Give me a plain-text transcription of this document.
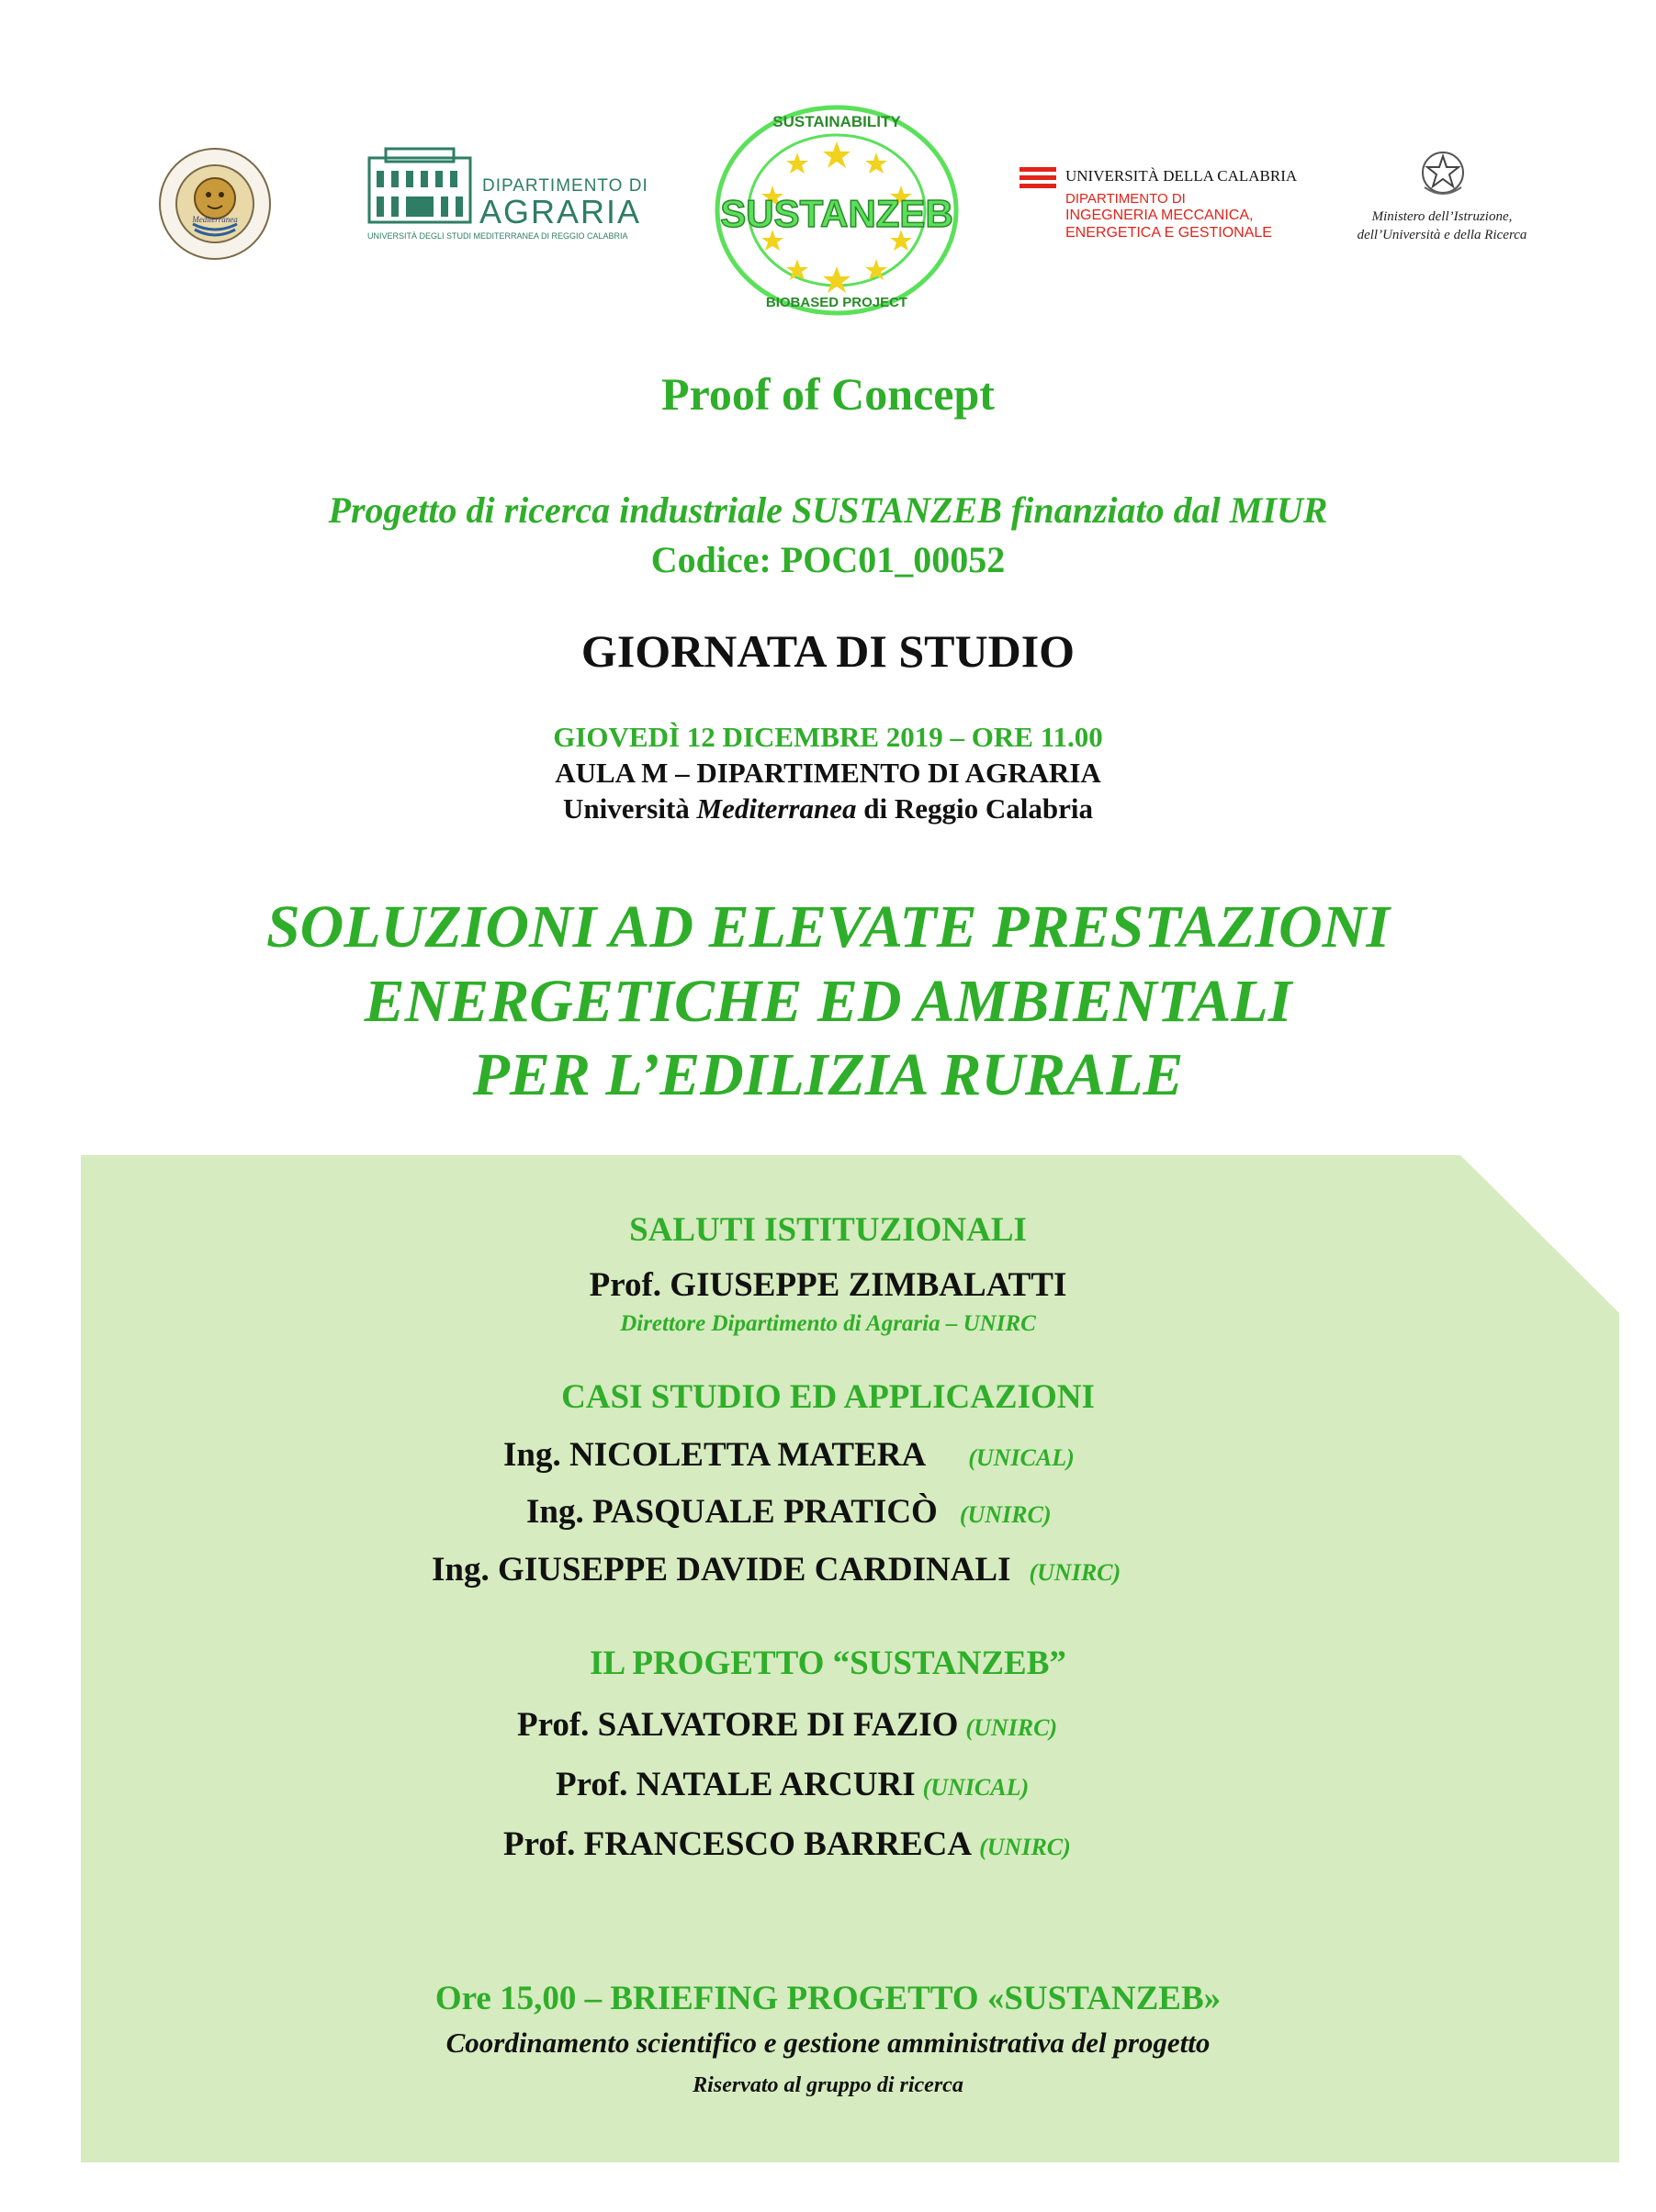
Mediterranea
DIPARTIMENTO DI
AGRARIA
UNIVERSITÀ DEGLI STUDI MEDITERRANEA DI REGGIO CALABRIA
SUSTANZEB
SUSTAINABILITY
BIOBASED PROJECT
UNIVERSITÀ DELLA CALABRIA
DIPARTIMENTO DI
INGEGNERIA MECCANICA,
ENERGETICA E GESTIONALE
Ministero dell’Istruzione,
dell’Università e della Ricerca
Proof of Concept
Progetto di ricerca industriale SUSTANZEB finanziato dal MIUR
Codice: POC01_00052
GIORNATA DI STUDIO
GIOVEDÌ 12 DICEMBRE 2019 – ORE 11.00
AULA M – DIPARTIMENTO DI AGRARIA
Università Mediterranea di Reggio Calabria
SOLUZIONI AD ELEVATE PRESTAZIONI
ENERGETICHE ED AMBIENTALI
PER L’EDILIZIA RURALE
SALUTI ISTITUZIONALI
Prof. GIUSEPPE ZIMBALATTI
Direttore Dipartimento di Agraria – UNIRC
CASI STUDIO ED APPLICAZIONI
Ing. NICOLETTA MATERA (UNICAL)
Ing. PASQUALE PRATICÒ (UNIRC)
Ing. GIUSEPPE DAVIDE CARDINALI (UNIRC)
IL PROGETTO “SUSTANZEB”
Prof. SALVATORE DI FAZIO (UNIRC)
Prof. NATALE ARCURI (UNICAL)
Prof. FRANCESCO BARRECA (UNIRC)
Ore 15,00 – BRIEFING PROGETTO «SUSTANZEB»
Coordinamento scientifico e gestione amministrativa del progetto
Riservato al gruppo di ricerca
